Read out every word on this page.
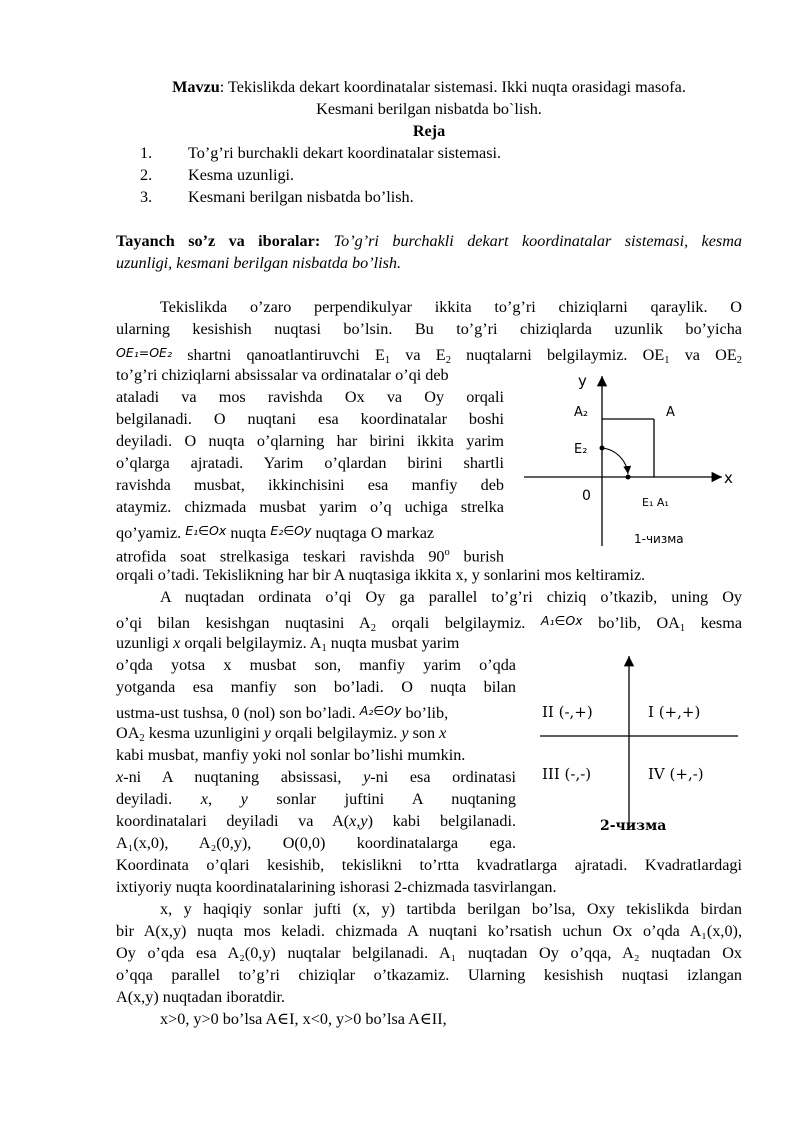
Mavzu: Tekislikda dekart koordinatalar sistemasi. Ikki nuqta orasidagi masofa.
Kesmani berilgan nisbatda bo`lish.
Reja
1. To’g’ri burchakli dekart koordinatalar sistemasi.
2. Kesma uzunligi.
3. Kesmani berilgan nisbatda bo’lish.
Tayanch so’z va iboralar: To’g’ri burchakli dekart koordinatalar sistemasi, kesma
uzunligi, kesmani berilgan nisbatda bo’lish.
Tekislikda o’zaro perpendikulyar ikkita to’g’ri chiziqlarni qaraylik. O
ularning kesishish nuqtasi bo’lsin. Bu to’g’ri chiziqlarda uzunlik bo’yicha
OE₁=OE₂ shartni qanoatlantiruvchi $E_1$ va $E_2$ nuqtalarni belgilaymiz. $OE_1$ va $OE_2$
to’g’ri chiziqlarni absissalar va ordinatalar o’qi deb
ataladi va mos ravishda Ox va Oy orqali
belgilanadi. O nuqtani esa koordinatalar boshi
deyiladi. O nuqta o’qlarning har birini ikkita yarim
o’qlarga ajratadi. Yarim o’qlardan birini shartli
ravishda musbat, ikkinchisini esa manfiy deb
ataymiz. chizmada musbat yarim o’q uchiga strelka
qo’yamiz. E₁∈Ox nuqta E₂∈Oy nuqtaga O markaz
atrofida soat strelkasiga teskari ravishda 90$^o$ burish
orqali o’tadi. Tekislikning har bir A nuqtasiga ikkita x, y sonlarini mos keltiramiz.
A nuqtadan ordinata o’qi Oy ga parallel to’g’ri chiziq o’tkazib, uning Oy
o’qi bilan kesishgan nuqtasini $A_2$ orqali belgilaymiz. A₁∈Ox bo’lib, $OA_1$ kesma
uzunligi x orqali belgilaymiz. $A_1$ nuqta musbat yarim
o’qda yotsa x musbat son, manfiy yarim o’qda
yotganda esa manfiy son bo’ladi. O nuqta bilan
ustma-ust tushsa, 0 (nol) son bo’ladi. A₂∈Oy bo’lib,
$OA_2$ kesma uzunligini y orqali belgilaymiz. y son x
kabi musbat, manfiy yoki nol sonlar bo’lishi mumkin.
x-ni A nuqtaning absissasi, y-ni esa ordinatasi
deyiladi. x, y sonlar juftini A nuqtaning
koordinatalari deyiladi va A(x,y) kabi belgilanadi.
A₁(x,0), A₂(0,y), O(0,0) koordinatalarga ega.
Koordinata o’qlari kesishib, tekislikni to’rtta kvadratlarga ajratadi. Kvadratlardagi
ixtiyoriy nuqta koordinatalarining ishorasi 2-chizmada tasvirlangan.
x, y haqiqiy sonlar jufti (x, y) tartibda berilgan bo’lsa, Oxy tekislikda birdan
bir A(x,y) nuqta mos keladi. chizmada A nuqtani ko’rsatish uchun Ox o’qda A₁(x,0),
Oy o’qda esa A₂(0,y) nuqtalar belgilanadi. A₁ nuqtadan Oy o’qqa, A₂ nuqtadan Ox
o’qqa parallel to’g’ri chiziqlar o’tkazamiz. Ularning kesishish nuqtasi izlangan
A(x,y) nuqtadan iboratdir.
x>0, y>0 bo’lsa A∈I, x<0, y>0 bo’lsa A∈II,
y
x
A₂	A
E₂
0	E₁ A₁
1-чизма
II (-,+)	I (+,+)
III (-,-)	IV (+,-)
2-чизма
